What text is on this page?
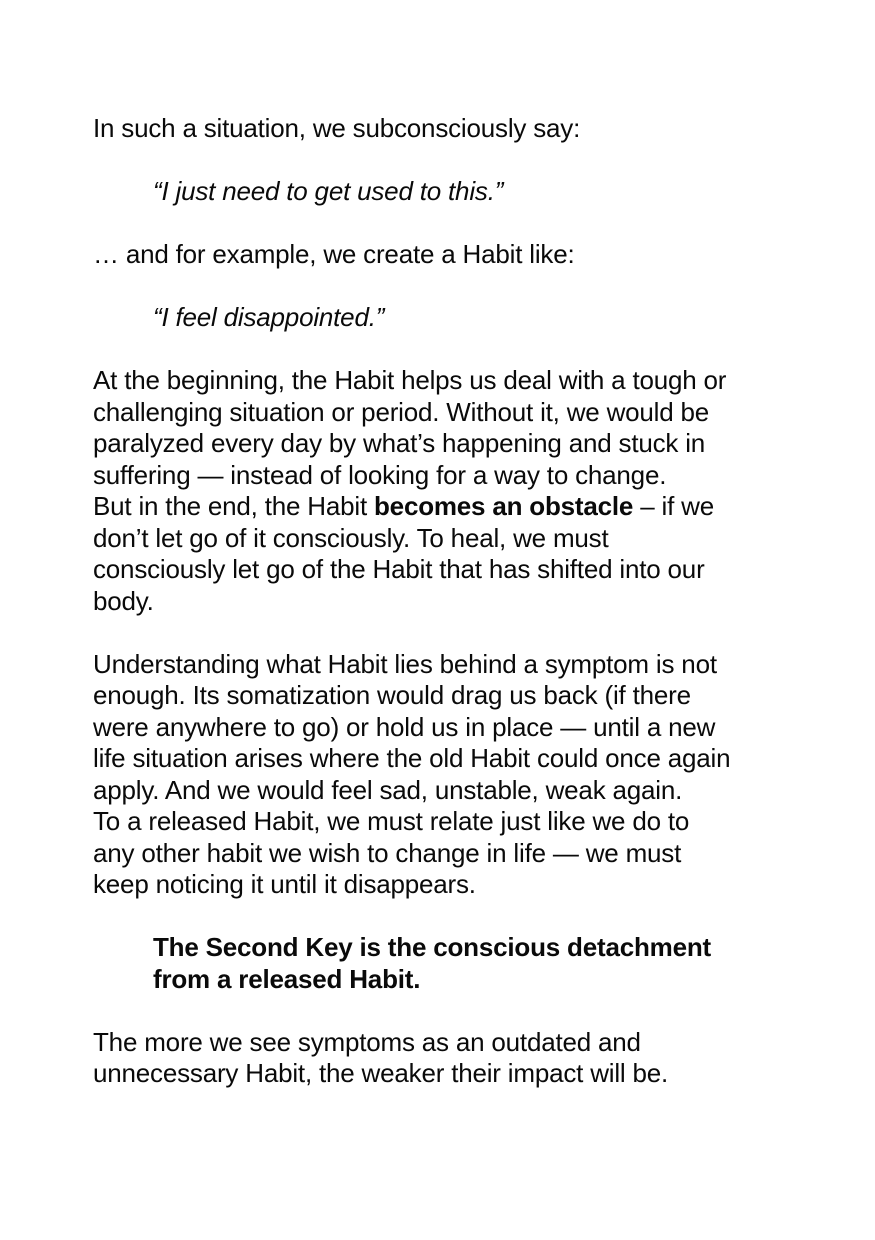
In such a situation, we subconsciously say:

“I just need to get used to this.”

… and for example, we create a Habit like:

“I feel disappointed.”

At the beginning, the Habit helps us deal with a tough or
challenging situation or period. Without it, we would be
paralyzed every day by what’s happening and stuck in
suffering — instead of looking for a way to change.
But in the end, the Habit becomes an obstacle – if we
don’t let go of it consciously. To heal, we must
consciously let go of the Habit that has shifted into our
body.

Understanding what Habit lies behind a symptom is not
enough. Its somatization would drag us back (if there
were anywhere to go) or hold us in place — until a new
life situation arises where the old Habit could once again
apply. And we would feel sad, unstable, weak again.
To a released Habit, we must relate just like we do to
any other habit we wish to change in life — we must
keep noticing it until it disappears.

The Second Key is the conscious detachment
from a released Habit.

The more we see symptoms as an outdated and
unnecessary Habit, the weaker their impact will be.
